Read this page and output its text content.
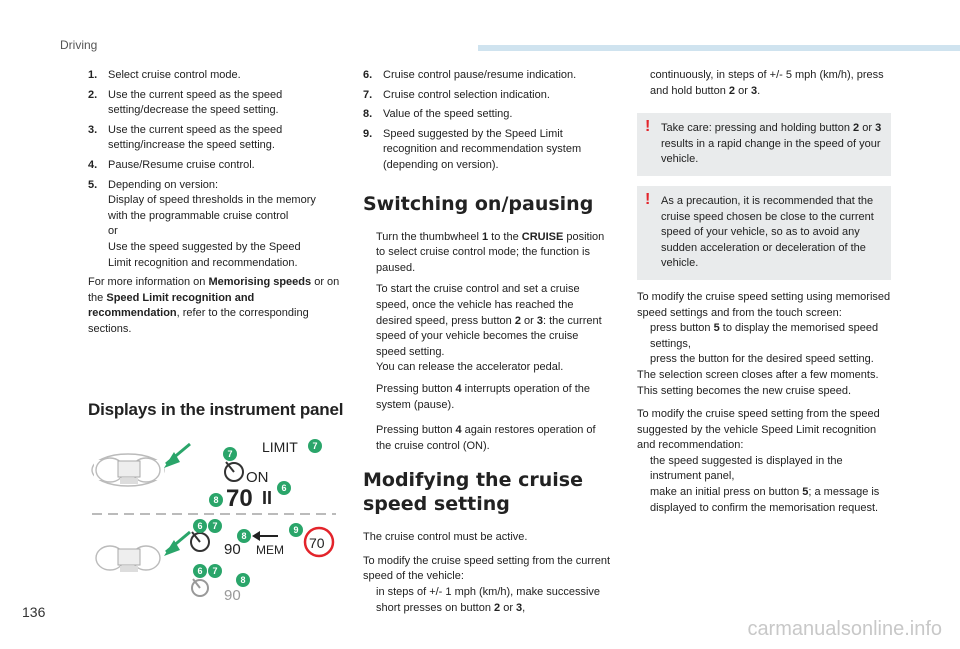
Driving
1. Select cruise control mode.
2. Use the current speed as the speed
setting/decrease the speed setting.
3. Use the current speed as the speed
setting/increase the speed setting.
4. Pause/Resume cruise control.
5. Depending on version:
Display of speed thresholds in the memory
with the programmable cruise control
or
Use the speed suggested by the Speed
Limit recognition and recommendation.

For more information on Memorising speeds or on the Speed Limit recognition and recommendation, refer to the corresponding sections.

Displays in the instrument panel
LIMIT
ON
70 II
90 MEM 70
90
7
7
6
8
6 7	9
8
6 7
8
6. Cruise control pause/resume indication.
7. Cruise control selection indication.
8. Value of the speed setting.
9. Speed suggested by the Speed Limit
recognition and recommendation system
(depending on version).
Switching on/pausing
Turn the thumbwheel 1 to the CRUISE position to select cruise control mode; the function is paused.
To start the cruise control and set a cruise speed, once the vehicle has reached the desired speed, press button 2 or 3: the current speed of your vehicle becomes the cruise speed setting.
You can release the accelerator pedal.
Pressing button 4 interrupts operation of the system (pause).
Pressing button 4 again restores operation of the cruise control (ON).
Modifying the cruise speed setting

The cruise control must be active.

To modify the cruise speed setting from the current speed of the vehicle:

in steps of +/- 1 mph (km/h), make successive short presses on button 2 or 3,
continuously, in steps of +/- 5 mph (km/h), press and hold button 2 or 3.
! Take care: pressing and holding button 2 or 3 results in a rapid change in the speed of your vehicle.
! As a precaution, it is recommended that the cruise speed chosen be close to the current speed of your vehicle, so as to avoid any sudden acceleration or deceleration of the vehicle.

To modify the cruise speed setting using memorised speed settings and from the touch screen:

press button 5 to display the memorised speed settings,
press the button for the desired speed setting.

The selection screen closes after a few moments.
This setting becomes the new cruise speed.

To modify the cruise speed setting from the speed suggested by the vehicle Speed Limit recognition and recommendation:

the speed suggested is displayed in the instrument panel,
make an initial press on button 5; a message is displayed to confirm the memorisation request.
136
carmanualsonline.info
